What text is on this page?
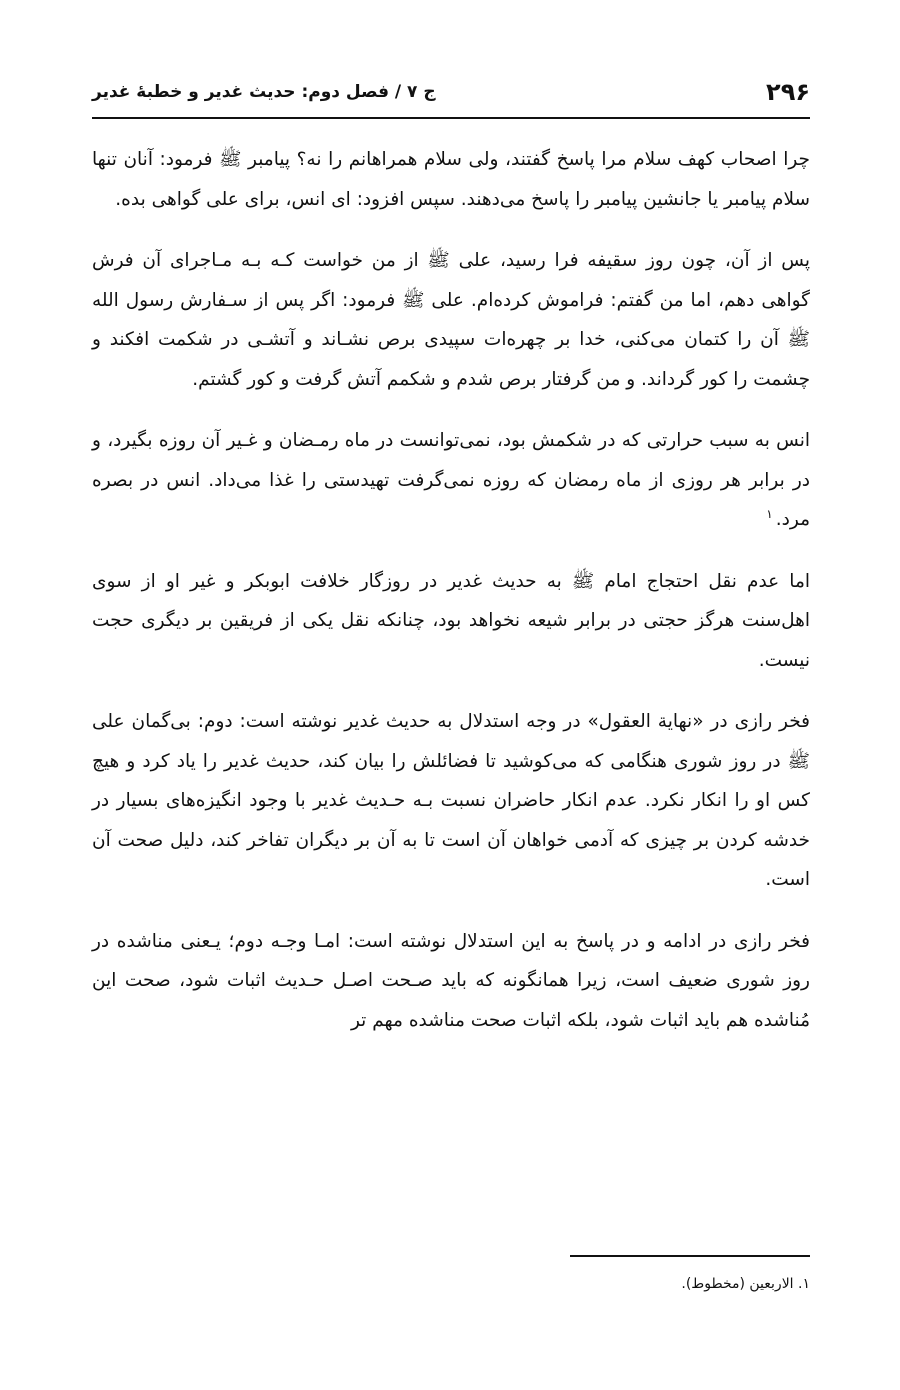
۲۹۶
ج ۷ / فصل دوم: حدیث غدیر و خطبهٔ غدیر

چرا اصحاب کهف سلام مرا پاسخ گفتند، ولی سلام همراهانم را نه؟ پیامبر ﷺ فرمود: آنان تنها سلام پیامبر یا جانشین پیامبر را پاسخ می‌دهند. سپس افزود: ای انس، برای علی گواهی بده.

پس از آن، چون روز سقیفه فرا رسید، علی ﷺ از من خواست کـه بـه مـاجرای آن فرش گواهی دهم، اما من گفتم: فراموش کرده‌ام. علی ﷺ فرمود: اگر پس از سـفارش رسول الله ﷺ آن را کتمان می‌کنی، خدا بر چهره‌ات سپیدی برص نشـاند و آتشـی در شکمت افکند و چشمت را کور گرداند. و من گرفتار برص شدم و شکمم آتش گرفت و کور گشتم.

انس به سبب حرارتی که در شکمش بود، نمی‌توانست در ماه رمـضان و غـیر آن روزه بگیرد، و در برابر هر روزی از ماه رمضان که روزه نمی‌گرفت تهیدستی را غذا می‌داد. انس در بصره مرد.$^۱$

اما عدم نقل احتجاج امام ﷺ به حدیث غدیر در روزگار خلافت ابوبکر و غیر او از سوی اهل‌سنت هرگز حجتی در برابر شیعه نخواهد بود، چنانکه نقل یکی از فریقین بر دیگری حجت نیست.

فخر رازی در «نهایة العقول» در وجه استدلال به حدیث غدیر نوشته است: دوم: بی‌گمان علی ﷺ در روز شوری هنگامی که می‌کوشید تا فضائلش را بیان کند، حدیث غدیر را یاد کرد و هیچ کس او را انکار نکرد. عدم انکار حاضران نسبت بـه حـدیث غدیر با وجود انگیزه‌های بسیار در خدشه کردن بر چیزی که آدمی خواهان آن است تا به آن بر دیگران تفاخر کند، دلیل صحت آن است.

فخر رازی در ادامه و در پاسخ به این استدلال نوشته است: امـا وجـه دوم؛ یـعنی مناشده در روز شوری ضعیف است، زیرا همانگونه که باید صـحت اصـل حـدیث اثبات شود، صحت این مُناشده هم باید اثبات شود، بلکه اثبات صحت مناشده مهم تر

۱. الاربعین (مخطوط).
